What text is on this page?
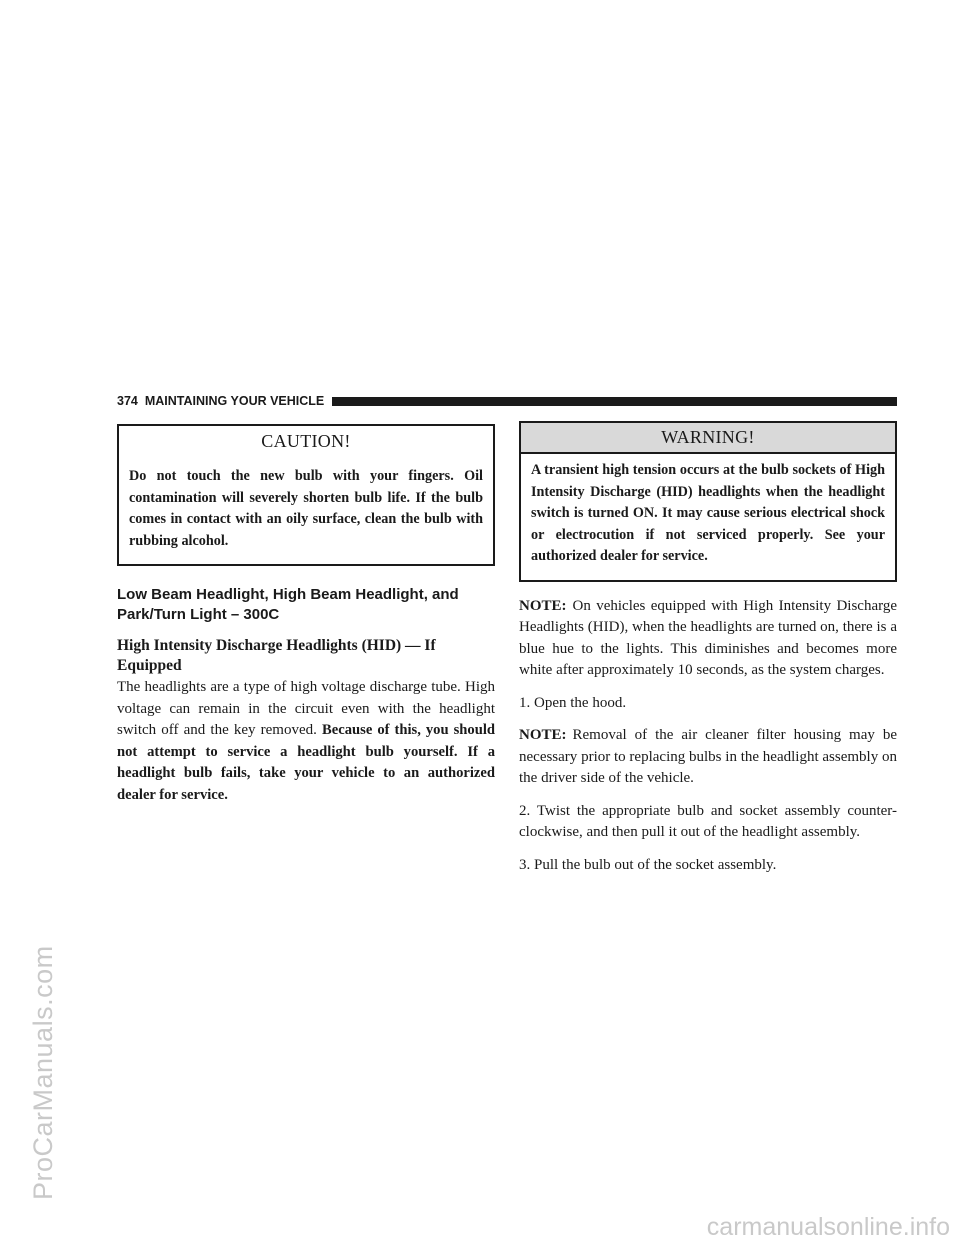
ProCarManuals.com
carmanualsonline.info
374 MAINTAINING YOUR VEHICLE
CAUTION!
Do not touch the new bulb with your fingers. Oil contamination will severely shorten bulb life. If the bulb comes in contact with an oily surface, clean the bulb with rubbing alcohol.
Low Beam Headlight, High Beam Headlight, and Park/Turn Light – 300C
High Intensity Discharge Headlights (HID) — If Equipped
The headlights are a type of high voltage discharge tube. High voltage can remain in the circuit even with the headlight switch off and the key removed. Because of this, you should not attempt to service a headlight bulb yourself. If a headlight bulb fails, take your vehicle to an authorized dealer for service.
WARNING!
A transient high tension occurs at the bulb sockets of High Intensity Discharge (HID) headlights when the headlight switch is turned ON. It may cause serious electrical shock or electrocution if not serviced properly. See your authorized dealer for service.

NOTE: On vehicles equipped with High Intensity Discharge Headlights (HID), when the headlights are turned on, there is a blue hue to the lights. This diminishes and becomes more white after approximately 10 seconds, as the system charges.

1. Open the hood.

NOTE: Removal of the air cleaner filter housing may be necessary prior to replacing bulbs in the headlight assembly on the driver side of the vehicle.

2. Twist the appropriate bulb and socket assembly counter-clockwise, and then pull it out of the headlight assembly.

3. Pull the bulb out of the socket assembly.
